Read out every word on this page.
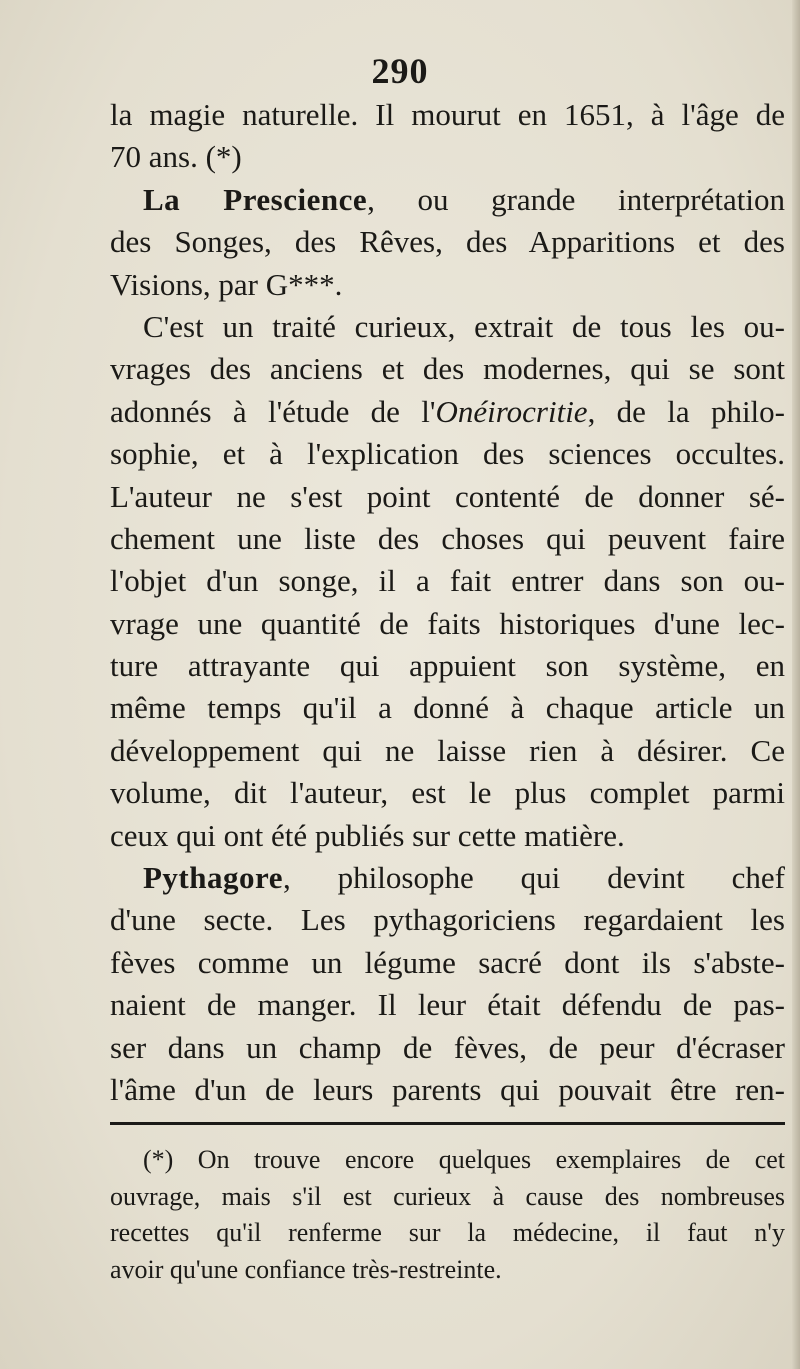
290
la magie naturelle. Il mourut en 1651, à l'âge de
70 ans. (*)
La Prescience, ou grande interprétation
des Songes, des Rêves, des Apparitions et des
Visions, par G***.
C'est un traité curieux, extrait de tous les ou-
vrages des anciens et des modernes, qui se sont
adonnés à l'étude de l'Onéirocritie, de la philo-
sophie, et à l'explication des sciences occultes.
L'auteur ne s'est point contenté de donner sé-
chement une liste des choses qui peuvent faire
l'objet d'un songe, il a fait entrer dans son ou-
vrage une quantité de faits historiques d'une lec-
ture attrayante qui appuient son système, en
même temps qu'il a donné à chaque article un
développement qui ne laisse rien à désirer. Ce
volume, dit l'auteur, est le plus complet parmi
ceux qui ont été publiés sur cette matière.
Pythagore, philosophe qui devint chef
d'une secte. Les pythagoriciens regardaient les
fèves comme un légume sacré dont ils s'abste-
naient de manger. Il leur était défendu de pas-
ser dans un champ de fèves, de peur d'écraser
l'âme d'un de leurs parents qui pouvait être ren-
(*) On trouve encore quelques exemplaires de cet
ouvrage, mais s'il est curieux à cause des nombreuses
recettes qu'il renferme sur la médecine, il faut n'y
avoir qu'une confiance très-restreinte.
